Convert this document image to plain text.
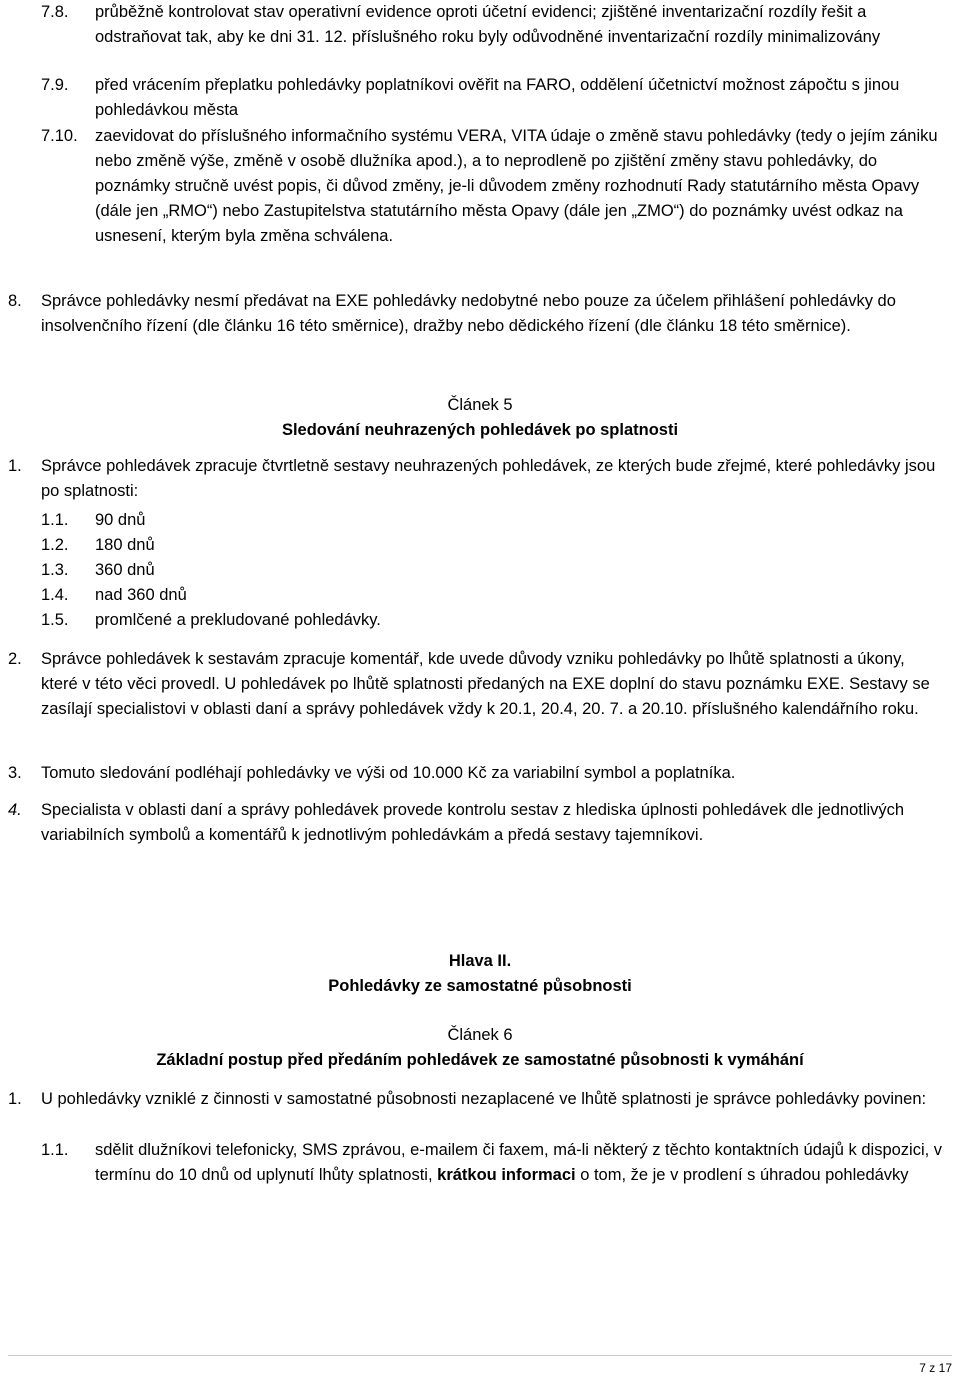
7.8. průběžně kontrolovat stav operativní evidence oproti účetní evidenci; zjištěné inventarizační rozdíly řešit a odstraňovat tak, aby ke dni 31. 12. příslušného roku byly odůvodněné inventarizační rozdíly minimalizovány
7.9. před vrácením přeplatku pohledávky poplatníkovi ověřit na FARO, oddělení účetnictví možnost zápočtu s jinou pohledávkou města
7.10. zaevidovat do příslušného informačního systému VERA, VITA údaje o změně stavu pohledávky (tedy o jejím zániku nebo změně výše, změně v osobě dlužníka apod.), a to neprodleně po zjištění změny stavu pohledávky, do poznámky stručně uvést popis, či důvod změny, je-li důvodem změny rozhodnutí Rady statutárního města Opavy (dále jen „RMO“) nebo Zastupitelstva statutárního města Opavy (dále jen „ZMO“) do poznámky uvést odkaz na usnesení, kterým byla změna schválena.
8. Správce pohledávky nesmí předávat na EXE pohledávky nedobytné nebo pouze za účelem přihlášení pohledávky do insolvenčního řízení (dle článku 16 této směrnice), dražby nebo dědického řízení (dle článku 18 této směrnice).
Článek 5
Sledování neuhrazených pohledávek po splatnosti
1. Správce pohledávek zpracuje čtvrtletně sestavy neuhrazených pohledávek, ze kterých bude zřejmé, které pohledávky jsou po splatnosti:
1.1. 90 dnů
1.2. 180 dnů
1.3. 360 dnů
1.4. nad 360 dnů
1.5. promlčené a prekludované pohledávky.
2. Správce pohledávek k sestavám zpracuje komentář, kde uvede důvody vzniku pohledávky po lhůtě splatnosti a úkony, které v této věci provedl. U pohledávek po lhůtě splatnosti předaných na EXE doplní do stavu poznámku EXE. Sestavy se zasílají specialistovi v oblasti daní a správy pohledávek vždy k 20.1, 20.4, 20. 7. a 20.10. příslušného kalendářního roku.
3. Tomuto sledování podléhají pohledávky ve výši od 10.000 Kč za variabilní symbol a poplatníka.
4. Specialista v oblasti daní a správy pohledávek provede kontrolu sestav z hlediska úplnosti pohledávek dle jednotlivých variabilních symbolů a komentářů k jednotlivým pohledávkám a předá sestavy tajemníkovi.
Hlava II.
Pohledávky ze samostatné působnosti
Článek 6
Základní postup před předáním pohledávek ze samostatné působnosti k vymáhání
1. U pohledávky vzniklé z činnosti v samostatné působnosti nezaplacené ve lhůtě splatnosti je správce pohledávky povinen:
1.1. sdělit dlužníkovi telefonicky, SMS zprávou, e-mailem či faxem, má-li některý z těchto kontaktních údajů k dispozici, v termínu do 10 dnů od uplynutí lhůty splatnosti, krátkou informaci o tom, že je v prodlení s úhradou pohledávky
7 z 17
